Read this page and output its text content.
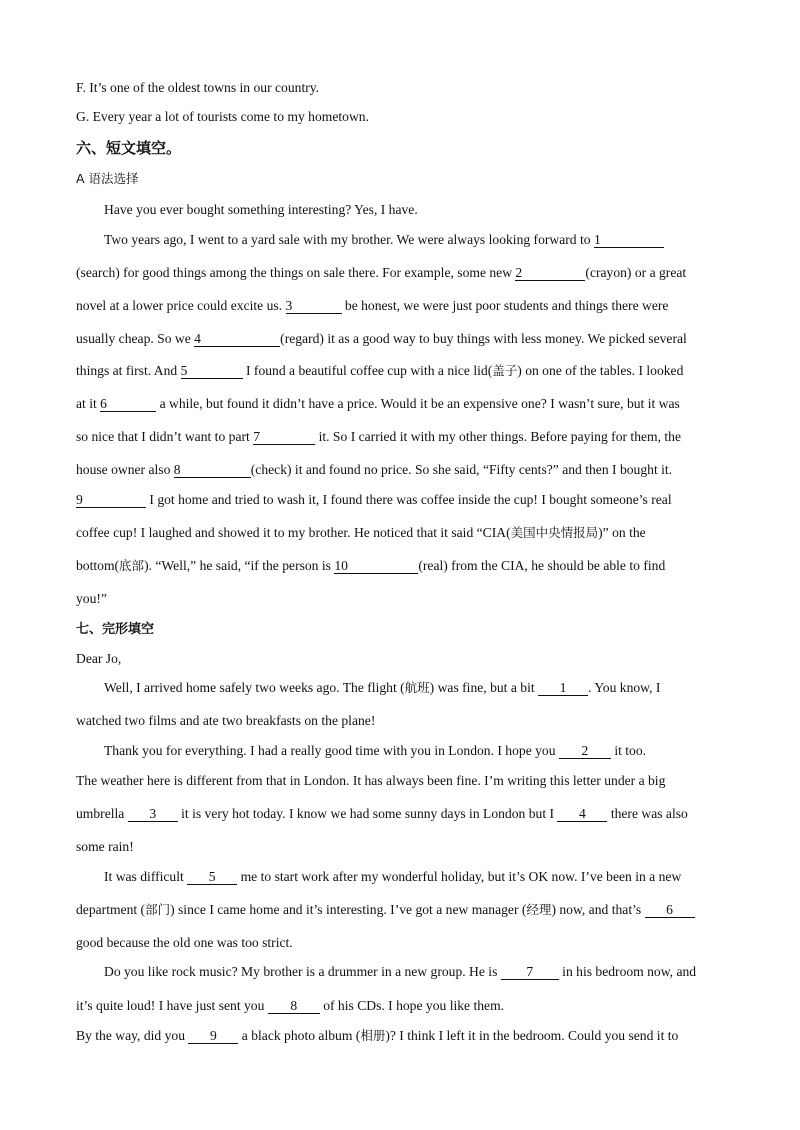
F. It’s one of the oldest towns in our country.
G. Every year a lot of tourists come to my hometown.
六、短文填空。
A 语法选择
Have you ever bought something interesting? Yes, I have.
Two years ago, I went to a yard sale with my brother. We were always looking forward to 1
(search) for good things among the things on sale there. For example, some new 2	(crayon) or a great
novel at a lower price could excite us. 3	be honest, we were just poor students and things there were
usually cheap. So we 4	(regard) it as a good way to buy things with less money. We picked several
things at first. And 5	I found a beautiful coffee cup with a nice lid(盖子) on one of the tables. I looked
at it 6	a while, but found it didn’t have a price. Would it be an expensive one? I wasn’t sure, but it was
so nice that I didn’t want to part 7	it. So I carried it with my other things. Before paying for them, the
house owner also 8	(check) it and found no price. So she said, “Fifty cents?” and then I bought it.
9	I got home and tried to wash it, I found there was coffee inside the cup! I bought someone’s real
coffee cup! I laughed and showed it to my brother. He noticed that it said “CIA(美国中央情报局)” on the
bottom(底部). “Well,” he said, “if the person is 10	(real) from the CIA, he should be able to find
you!”
七、完形填空
Dear Jo,
Well, I arrived home safely two weeks ago. The flight (航班) was fine, but a bit 1 . You know, I
watched two films and ate two breakfasts on the plane!
Thank you for everything. I had a really good time with you in London. I hope you 2 it too.
The weather here is different from that in London. It has always been fine. I’m writing this letter under a big
umbrella 3 it is very hot today. I know we had some sunny days in London but I 4 there was also
some rain!
It was difficult 5 me to start work after my wonderful holiday, but it’s OK now. I’ve been in a new
department (部门) since I came home and it’s interesting. I’ve got a new manager (经理) now, and that’s 6
good because the old one was too strict.
Do you like rock music? My brother is a drummer in a new group. He is 7 in his bedroom now, and
it’s quite loud! I have just sent you 8 of his CDs. I hope you like them.
By the way, did you 9 a black photo album (相册)? I think I left it in the bedroom. Could you send it to
